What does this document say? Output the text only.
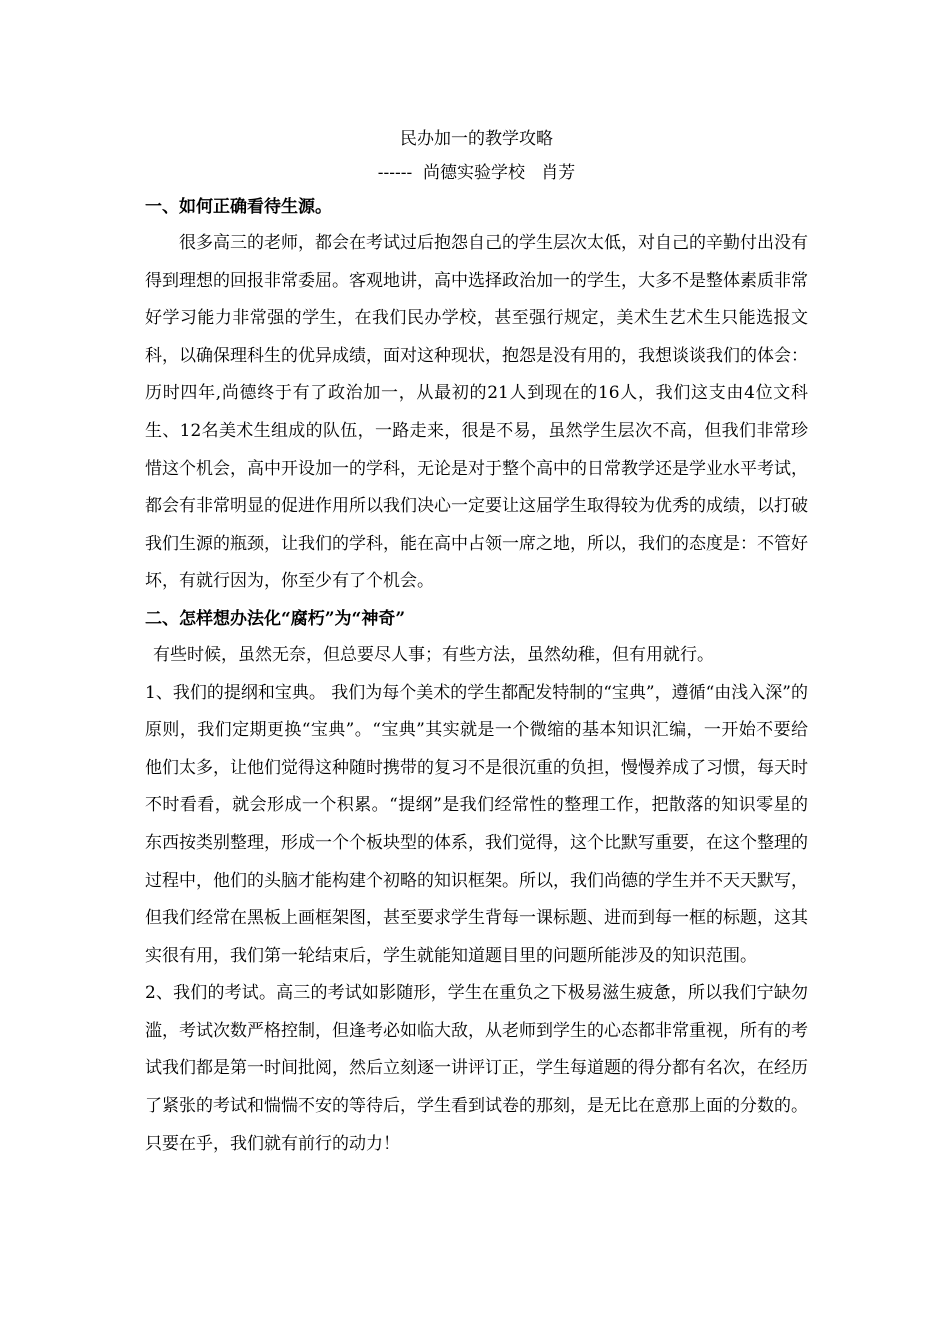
民办加一的教学攻略

------  尚德实验学校   肖芳

一、如何正确看待生源。

很多高三的老师，都会在考试过后抱怨自己的学生层次太低，对自己的辛勤付出没有得到理想的回报非常委屈。客观地讲，高中选择政治加一的学生，大多不是整体素质非常好学习能力非常强的学生，在我们民办学校，甚至强行规定，美术生艺术生只能选报文科，以确保理科生的优异成绩，面对这种现状，抱怨是没有用的，我想谈谈我们的体会：历时四年,尚德终于有了政治加一，从最初的21人到现在的16人，我们这支由4位文科生、12名美术生组成的队伍，一路走来，很是不易，虽然学生层次不高，但我们非常珍惜这个机会，高中开设加一的学科，无论是对于整个高中的日常教学还是学业水平考试，都会有非常明显的促进作用所以我们决心一定要让这届学生取得较为优秀的成绩，以打破我们生源的瓶颈，让我们的学科，能在高中占领一席之地，所以，我们的态度是：不管好坏，有就行因为，你至少有了个机会。

二、怎样想办法化“腐朽”为“神奇”

有些时候，虽然无奈，但总要尽人事；有些方法，虽然幼稚，但有用就行。

1、我们的提纲和宝典。 我们为每个美术的学生都配发特制的“宝典”，遵循“由浅入深”的原则，我们定期更换“宝典”。“宝典”其实就是一个微缩的基本知识汇编，一开始不要给他们太多，让他们觉得这种随时携带的复习不是很沉重的负担，慢慢养成了习惯，每天时不时看看，就会形成一个积累。“提纲”是我们经常性的整理工作，把散落的知识零星的东西按类别整理，形成一个个板块型的体系，我们觉得，这个比默写重要，在这个整理的过程中，他们的头脑才能构建个初略的知识框架。所以，我们尚德的学生并不天天默写，但我们经常在黑板上画框架图，甚至要求学生背每一课标题、进而到每一框的标题，这其实很有用，我们第一轮结束后，学生就能知道题目里的问题所能涉及的知识范围。

2、我们的考试。高三的考试如影随形，学生在重负之下极易滋生疲惫，所以我们宁缺勿滥，考试次数严格控制，但逢考必如临大敌，从老师到学生的心态都非常重视，所有的考试我们都是第一时间批阅，然后立刻逐一讲评订正，学生每道题的得分都有名次，在经历了紧张的考试和惴惴不安的等待后，学生看到试卷的那刻，是无比在意那上面的分数的。只要在乎，我们就有前行的动力！
